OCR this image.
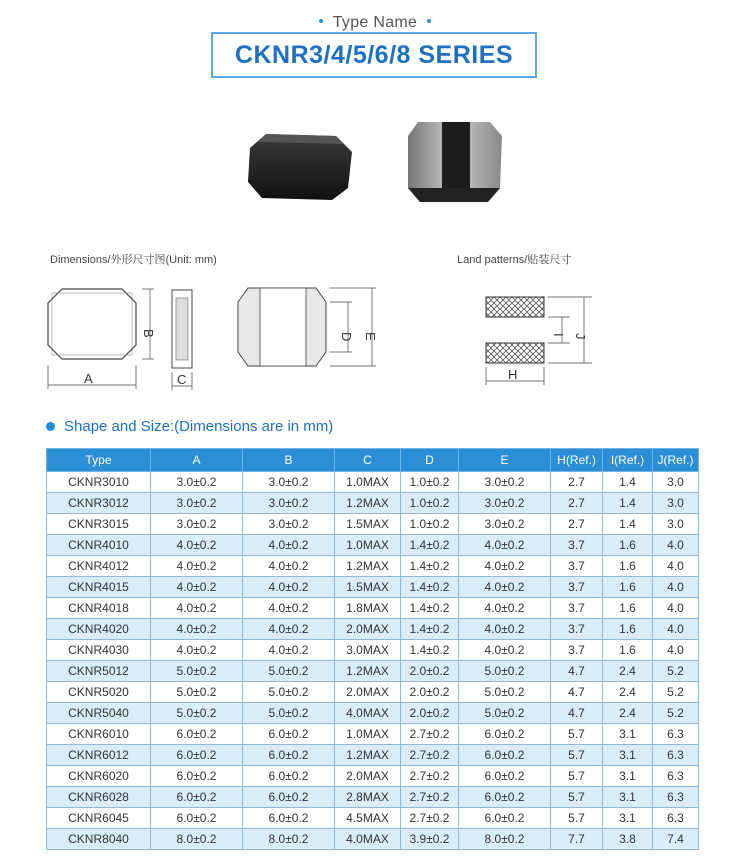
Type Name
CKNR3/4/5/6/8 SERIES
Dimensions/外形尺寸图(Unit: mm)	Land patterns/贴装尺寸
B
A	C
D E
H
I J
Shape and Size:(Dimensions are in mm)
Type	A	B	C	D	E	H(Ref.)	I(Ref.)	J(Ref.)
CKNR3010	3.0±0.2	3.0±0.2	1.0MAX	1.0±0.2	3.0±0.2	2.7	1.4	3.0
CKNR3012	3.0±0.2	3.0±0.2	1.2MAX	1.0±0.2	3.0±0.2	2.7	1.4	3.0
CKNR3015	3.0±0.2	3.0±0.2	1.5MAX	1.0±0.2	3.0±0.2	2.7	1.4	3.0
CKNR4010	4.0±0.2	4.0±0.2	1.0MAX	1.4±0.2	4.0±0.2	3.7	1.6	4.0
CKNR4012	4.0±0.2	4.0±0.2	1.2MAX	1.4±0.2	4.0±0.2	3.7	1.6	4.0
CKNR4015	4.0±0.2	4.0±0.2	1.5MAX	1.4±0.2	4.0±0.2	3.7	1.6	4.0
CKNR4018	4.0±0.2	4.0±0.2	1.8MAX	1.4±0.2	4.0±0.2	3.7	1.6	4.0
CKNR4020	4.0±0.2	4.0±0.2	2.0MAX	1.4±0.2	4.0±0.2	3.7	1.6	4.0
CKNR4030	4.0±0.2	4.0±0.2	3.0MAX	1.4±0.2	4.0±0.2	3.7	1.6	4.0
CKNR5012	5.0±0.2	5.0±0.2	1.2MAX	2.0±0.2	5.0±0.2	4.7	2.4	5.2
CKNR5020	5.0±0.2	5.0±0.2	2.0MAX	2.0±0.2	5.0±0.2	4.7	2.4	5.2
CKNR5040	5.0±0.2	5.0±0.2	4.0MAX	2.0±0.2	5.0±0.2	4.7	2.4	5.2
CKNR6010	6.0±0.2	6.0±0.2	1.0MAX	2.7±0.2	6.0±0.2	5.7	3.1	6.3
CKNR6012	6.0±0.2	6.0±0.2	1.2MAX	2.7±0.2	6.0±0.2	5.7	3.1	6.3
CKNR6020	6.0±0.2	6.0±0.2	2.0MAX	2.7±0.2	6.0±0.2	5.7	3.1	6.3
CKNR6028	6.0±0.2	6.0±0.2	2.8MAX	2.7±0.2	6.0±0.2	5.7	3.1	6.3
CKNR6045	6.0±0.2	6.0±0.2	4.5MAX	2.7±0.2	6.0±0.2	5.7	3.1	6.3
CKNR8040	8.0±0.2	8.0±0.2	4.0MAX	3.9±0.2	8.0±0.2	7.7	3.8	7.4
